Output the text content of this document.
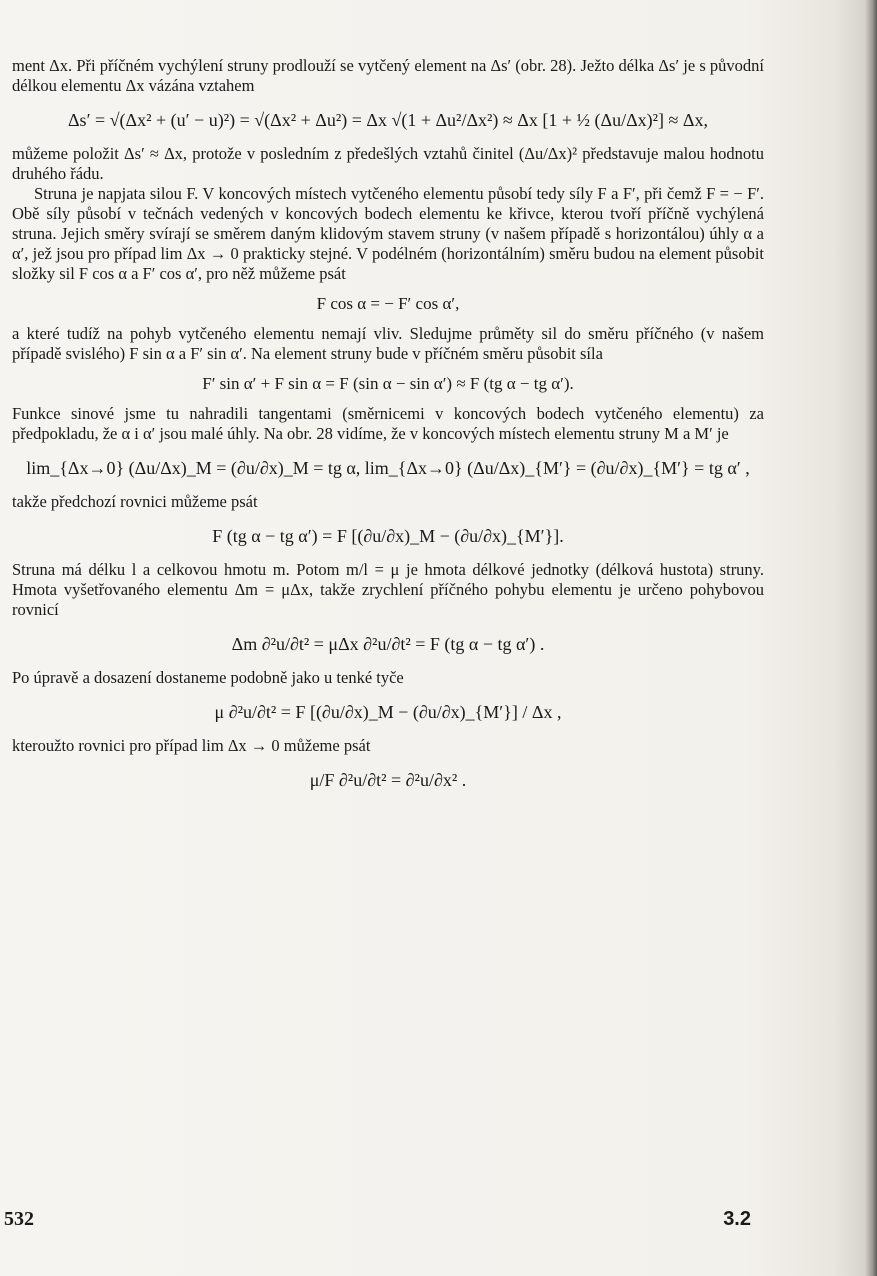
ment Δx. Při příčném vychýlení struny prodlouží se vytčený element na Δs′ (obr. 28). Ježto délka Δs′ je s původní délkou elementu Δx vázána vztahem

Δs′ = √(Δx² + (u′ − u)²) = √(Δx² + Δu²) = Δx √(1 + Δu²/Δx²) ≈ Δx [1 + ½ (Δu/Δx)²] ≈ Δx,

můžeme položit Δs′ ≈ Δx, protože v posledním z předešlých vztahů činitel (Δu/Δx)² představuje malou hodnotu druhého řádu.

Struna je napjata silou F. V koncových místech vytčeného elementu působí tedy síly F a F′, při čemž F = − F′. Obě síly působí v tečnách vedených v koncových bodech elementu ke křivce, kterou tvoří příčně vychýlená struna. Jejich směry svírají se směrem daným klidovým stavem struny (v našem případě s horizontálou) úhly α a α′, jež jsou pro případ lim Δx → 0 prakticky stejné. V podélném (horizontálním) směru budou na element působit složky sil F cos α a F′ cos α′, pro něž můžeme psát

F cos α = − F′ cos α′,

a které tudíž na pohyb vytčeného elementu nemají vliv. Sledujme průměty sil do směru příčného (v našem případě svislého) F sin α a F′ sin α′. Na element struny bude v příčném směru působit síla

F′ sin α′ + F sin α = F (sin α − sin α′) ≈ F (tg α − tg α′).

Funkce sinové jsme tu nahradili tangentami (směrnicemi v koncových bodech vytčeného elementu) za předpokladu, že α i α′ jsou malé úhly. Na obr. 28 vidíme, že v koncových místech elementu struny M a M′ je

lim_{Δx→0} (Δu/Δx)_M = (∂u/∂x)_M = tg α, lim_{Δx→0} (Δu/Δx)_{M′} = (∂u/∂x)_{M′} = tg α′ ,

takže předchozí rovnici můžeme psát

F (tg α − tg α′) = F [(∂u/∂x)_M − (∂u/∂x)_{M′}].

Struna má délku l a celkovou hmotu m. Potom m/l = μ je hmota délkové jednotky (délková hustota) struny. Hmota vyšetřovaného elementu Δm = μΔx, takže zrychlení příčného pohybu elementu je určeno pohybovou rovnicí

Δm ∂²u/∂t² = μΔx ∂²u/∂t² = F (tg α − tg α′) .

Po úpravě a dosazení dostaneme podobně jako u tenké tyče

μ ∂²u/∂t² = F [(∂u/∂x)_M − (∂u/∂x)_{M′}] / Δx ,

kteroužto rovnici pro případ lim Δx → 0 můžeme psát

μ/F ∂²u/∂t² = ∂²u/∂x² .
532	3.2
